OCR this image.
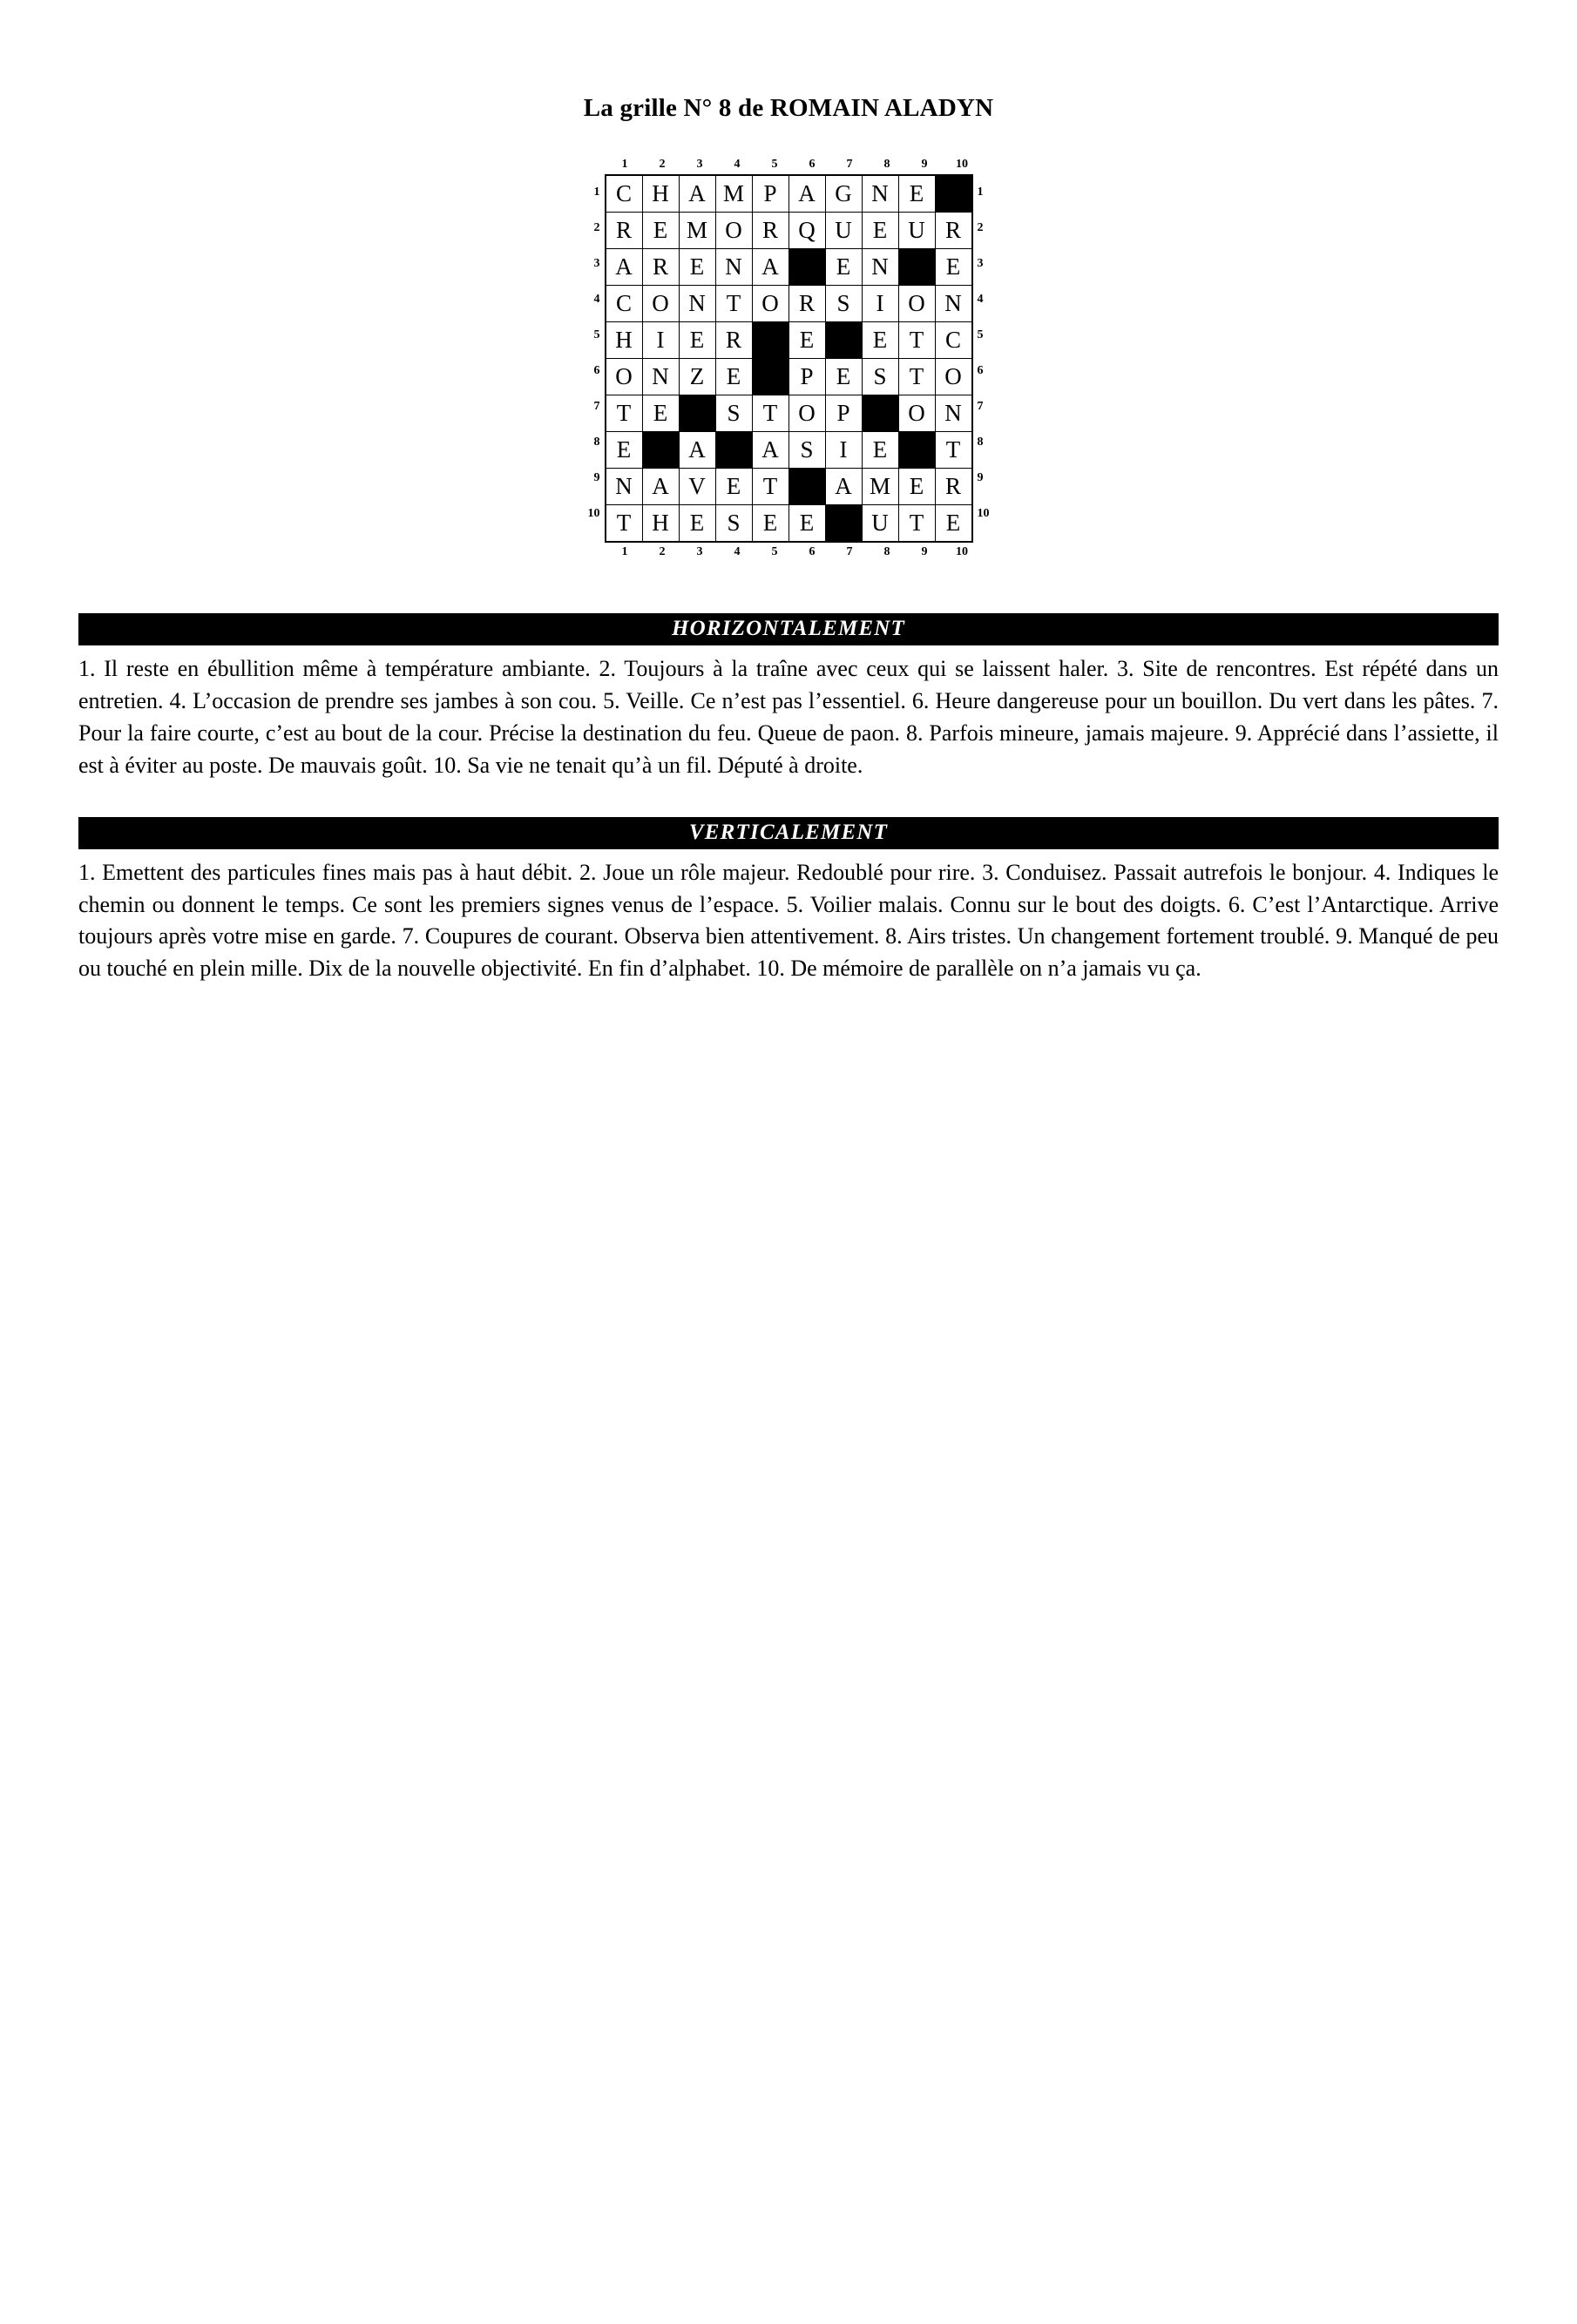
La grille N° 8 de ROMAIN ALADYN
1	2	3	4	5	6	7	8	9	10
1
2
3
4
5
6
7
8
9
10
C	H	A	M	P	A	G	N	E	
R	E	M	O	R	Q	U	E	U	R
A	R	E	N	A		E	N		E
C	O	N	T	O	R	S	I	O	N
H	I	E	R		E		E	T	C
O	N	Z	E		P	E	S	T	O
T	E		S	T	O	P		O	N
E		A		A	S	I	E		T
N	A	V	E	T		A	M	E	R
T	H	E	S	E	E		U	T	E
1
2
3
4
5
6
7
8
9
10
1	2	3	4	5	6	7	8	9	10
HORIZONTALEMENT
1. Il reste en ébullition même à température ambiante. 2. Toujours à la traîne avec ceux qui se laissent haler. 3. Site de rencontres. Est répété dans un entretien. 4. L’occasion de prendre ses jambes à son cou. 5. Veille. Ce n’est pas l’essentiel. 6. Heure dangereuse pour un bouillon. Du vert dans les pâtes. 7. Pour la faire courte, c’est au bout de la cour. Précise la destination du feu. Queue de paon. 8. Parfois mineure, jamais majeure. 9. Apprécié dans l’assiette, il est à éviter au poste. De mauvais goût. 10. Sa vie ne tenait qu’à un fil. Député à droite.
VERTICALEMENT
1. Emettent des particules fines mais pas à haut débit. 2. Joue un rôle majeur. Redoublé pour rire. 3. Conduisez. Passait autrefois le bonjour. 4. Indiques le chemin ou donnent le temps. Ce sont les premiers signes venus de l’espace. 5. Voilier malais. Connu sur le bout des doigts. 6. C’est l’Antarctique. Arrive toujours après votre mise en garde. 7. Coupures de courant. Observa bien attentivement. 8. Airs tristes. Un changement fortement troublé. 9. Manqué de peu ou touché en plein mille. Dix de la nouvelle objectivité. En fin d’alphabet. 10. De mémoire de parallèle on n’a jamais vu ça.
